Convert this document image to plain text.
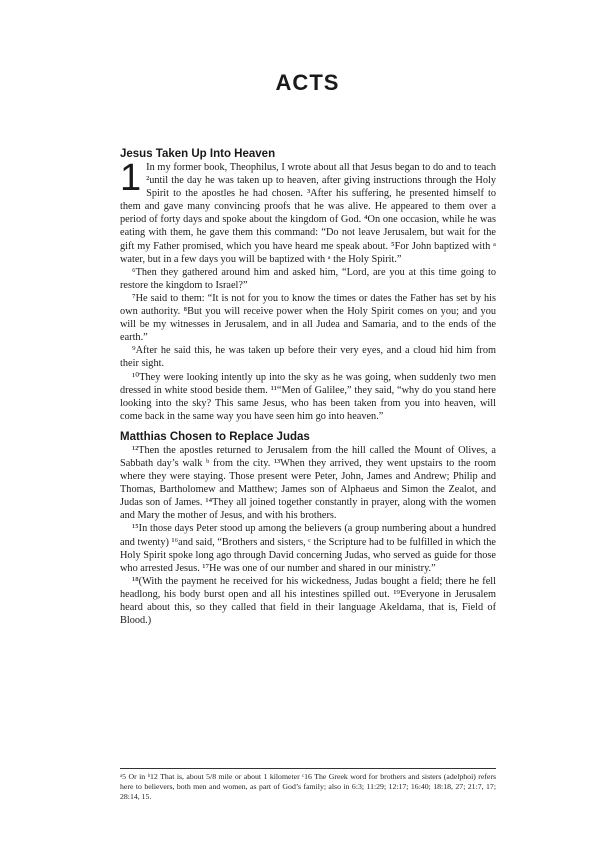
ACTS
Jesus Taken Up Into Heaven

1 In my former book, Theophilus, I wrote about all that Jesus began to do and to teach ²until the day he was taken up to heaven, after giving instructions through the Holy Spirit to the apostles he had chosen. ³After his suffering, he presented himself to them and gave many convincing proofs that he was alive. He appeared to them over a period of forty days and spoke about the kingdom of God. ⁴On one occasion, while he was eating with them, he gave them this command: “Do not leave Jerusalem, but wait for the gift my Father promised, which you have heard me speak about. ⁵For John baptized with ᵃ water, but in a few days you will be baptized with ᵃ the Holy Spirit.”

⁶Then they gathered around him and asked him, “Lord, are you at this time going to restore the kingdom to Israel?”

⁷He said to them: “It is not for you to know the times or dates the Father has set by his own authority. ⁸But you will receive power when the Holy Spirit comes on you; and you will be my witnesses in Jerusalem, and in all Judea and Samaria, and to the ends of the earth.”

⁹After he said this, he was taken up before their very eyes, and a cloud hid him from their sight.

¹⁰They were looking intently up into the sky as he was going, when suddenly two men dressed in white stood beside them. ¹¹“Men of Galilee,” they said, “why do you stand here looking into the sky? This same Jesus, who has been taken from you into heaven, will come back in the same way you have seen him go into heaven.”

Matthias Chosen to Replace Judas

¹²Then the apostles returned to Jerusalem from the hill called the Mount of Olives, a Sabbath day’s walk ᵇ from the city. ¹³When they arrived, they went upstairs to the room where they were staying. Those present were Peter, John, James and Andrew; Philip and Thomas, Bartholomew and Matthew; James son of Alphaeus and Simon the Zealot, and Judas son of James. ¹⁴They all joined together constantly in prayer, along with the women and Mary the mother of Jesus, and with his brothers.

¹⁵In those days Peter stood up among the believers (a group numbering about a hundred and twenty) ¹⁶and said, “Brothers and sisters, ᶜ the Scripture had to be fulfilled in which the Holy Spirit spoke long ago through David concerning Judas, who served as guide for those who arrested Jesus. ¹⁷He was one of our number and shared in our ministry.”

¹⁸(With the payment he received for his wickedness, Judas bought a field; there he fell headlong, his body burst open and all his intestines spilled out. ¹⁹Everyone in Jerusalem heard about this, so they called that field in their language Akeldama, that is, Field of Blood.)

ᵃ5 Or in ᵇ12 That is, about 5/8 mile or about 1 kilometer ᶜ16 The Greek word for brothers and sisters (adelphoi) refers here to believers, both men and women, as part of God’s family; also in 6:3; 11:29; 12:17; 16:40; 18:18, 27; 21:7, 17; 28:14, 15.
